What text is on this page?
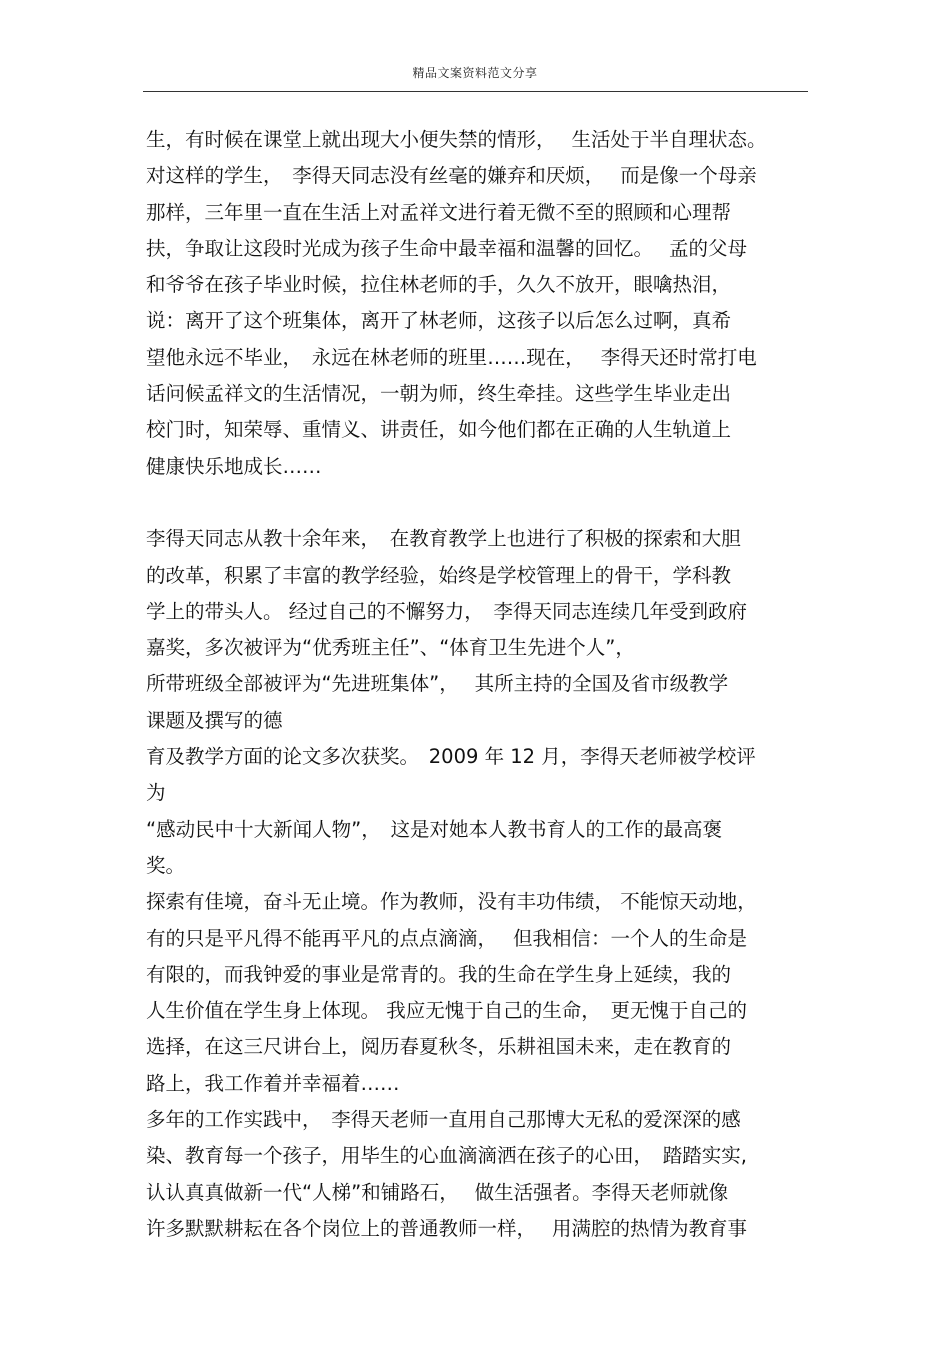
精品文案资料范文分享
生，有时候在课堂上就出现大小便失禁的情形，　 生活处于半自理状态。
对这样的学生，　李得天同志没有丝毫的嫌弃和厌烦，　 而是像一个母亲
那样，三年里一直在生活上对孟祥文进行着无微不至的照顾和心理帮
扶，争取让这段时光成为孩子生命中最幸福和温馨的回忆。　 孟的父母
和爷爷在孩子毕业时候，拉住林老师的手，久久不放开，眼噙热泪，
说：离开了这个班集体，离开了林老师，这孩子以后怎么过啊，真希
望他永远不毕业，　永远在林老师的班里……现在，　 李得天还时常打电
话问候孟祥文的生活情况，一朝为师，终生牵挂。这些学生毕业走出
校门时，知荣辱、重情义、讲责任，如今他们都在正确的人生轨道上
健康快乐地成长……
李得天同志从教十余年来，　在教育教学上也进行了积极的探索和大胆
的改革，积累了丰富的教学经验，始终是学校管理上的骨干，学科教
学上的带头人。 经过自己的不懈努力，　李得天同志连续几年受到政府
嘉奖，多次被评为“优秀班主任”、“体育卫生先进个人”，
所带班级全部被评为“先进班集体”，　 其所主持的全国及省市级教学
课题及撰写的德
育及教学方面的论文多次获奖。　2009 年 12 月，李得天老师被学校评
为
“感动民中十大新闻人物”，　这是对她本人教书育人的工作的最高褒
奖。
探索有佳境，奋斗无止境。作为教师，没有丰功伟绩， 不能惊天动地，
有的只是平凡得不能再平凡的点点滴滴，　 但我相信：一个人的生命是
有限的，而我钟爱的事业是常青的。我的生命在学生身上延续，我的
人生价值在学生身上体现。 我应无愧于自己的生命，　更无愧于自己的
选择，在这三尺讲台上，阅历春夏秋冬，乐耕祖国未来，走在教育的
路上，我工作着并幸福着……
多年的工作实践中，　李得天老师一直用自己那博大无私的爱深深的感
染、教育每一个孩子，用毕生的心血滴滴洒在孩子的心田，　踏踏实实,
认认真真做新一代“人梯”和铺路石，　 做生活强者。李得天老师就像
许多默默耕耘在各个岗位上的普通教师一样，　 用满腔的热情为教育事
